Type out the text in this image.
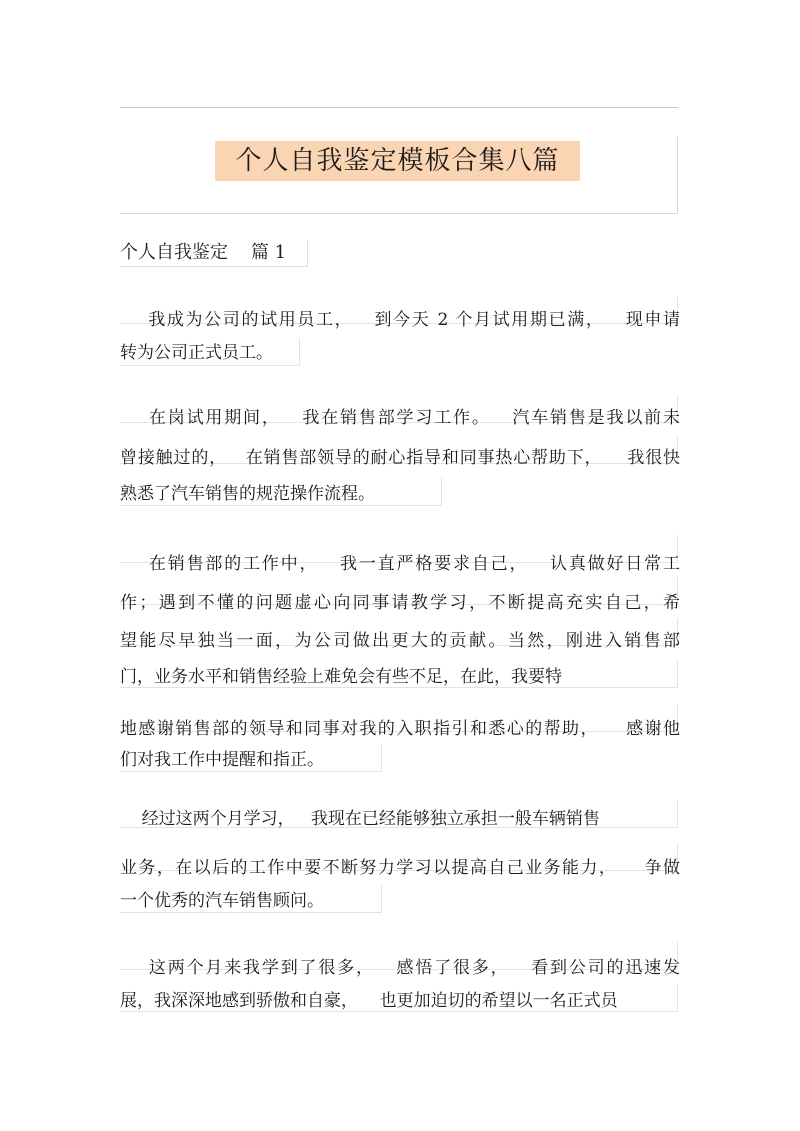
个人自我鉴定模板合集八篇
个人自我鉴定    篇 1
我成为公司的试用员工，   到今天 2 个月试用期已满，   现申请
转为公司正式员工。
在岗试用期间，   我在销售部学习工作。   汽车销售是我以前未
曾接触过的，   在销售部领导的耐心指导和同事热心帮助下，    我很快
熟悉了汽车销售的规范操作流程。
在销售部的工作中，   我一直严格要求自己，   认真做好日常工
作；遇到不懂的问题虚心向同事请教学习，不断提高充实自己，希
望能尽早独当一面，为公司做出更大的贡献。当然，刚进入销售部
门，业务水平和销售经验上难免会有些不足，在此，我要特
地感谢销售部的领导和同事对我的入职指引和悉心的帮助，    感谢他
们对我工作中提醒和指正。
经过这两个月学习，   我现在已经能够独立承担一般车辆销售
业务，在以后的工作中要不断努力学习以提高自己业务能力，    争做
一个优秀的汽车销售顾问。
这两个月来我学到了很多，   感悟了很多，   看到公司的迅速发
展，我深深地感到骄傲和自豪，    也更加迫切的希望以一名正式员
